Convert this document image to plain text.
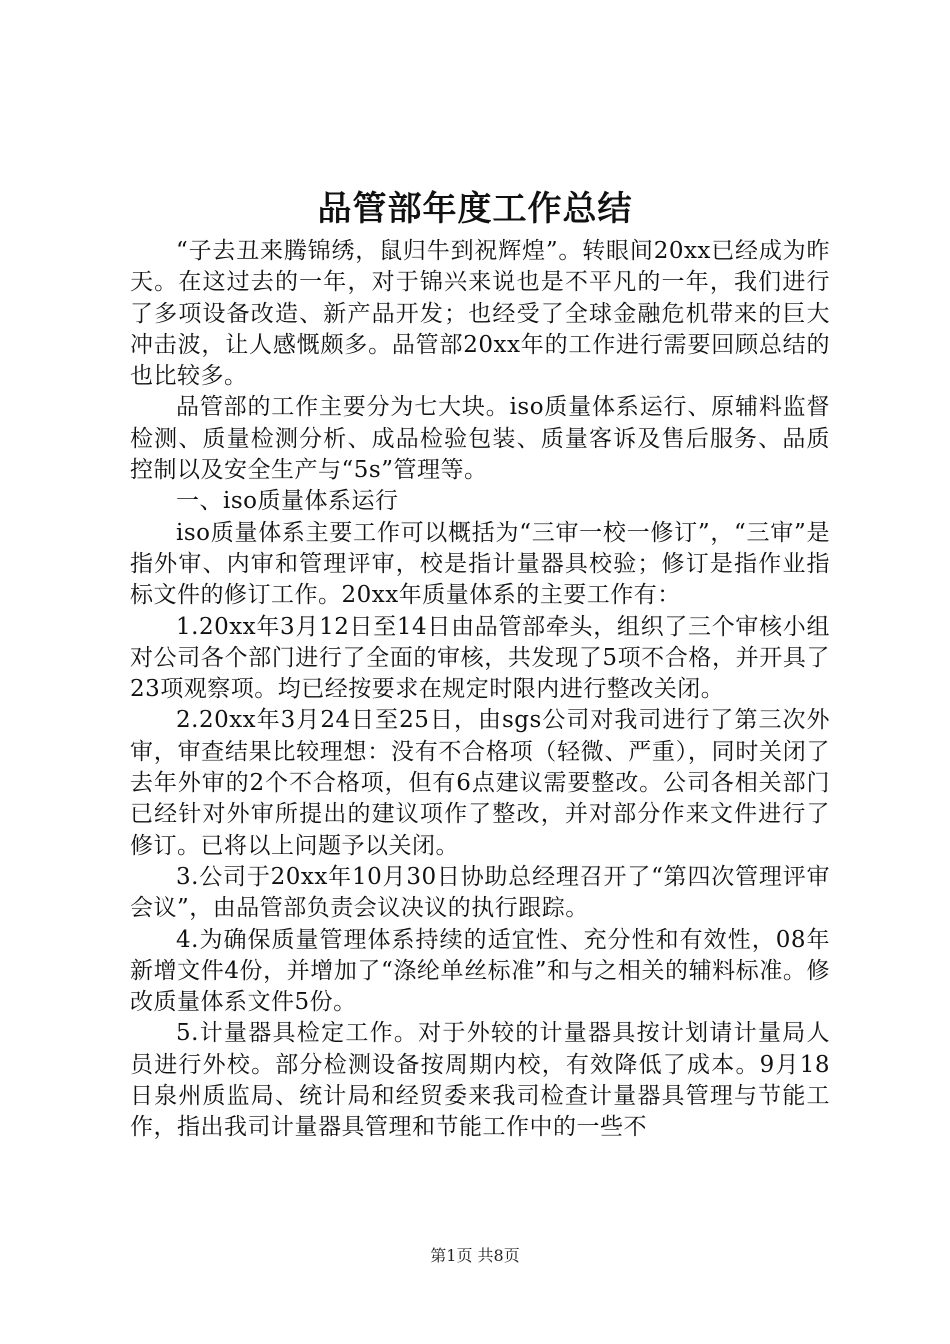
品管部年度工作总结

“子去丑来腾锦绣，鼠归牛到祝辉煌”。转眼间20xx已经成为昨天。在这过去的一年，对于锦兴来说也是不平凡的一年，我们进行了多项设备改造、新产品开发；也经受了全球金融危机带来的巨大冲击波，让人感慨颇多。品管部20xx年的工作进行需要回顾总结的也比较多。

品管部的工作主要分为七大块。iso质量体系运行、原辅料监督检测、质量检测分析、成品检验包装、质量客诉及售后服务、品质控制以及安全生产与“5s”管理等。

一、iso质量体系运行

iso质量体系主要工作可以概括为“三审一校一修订”，“三审”是指外审、内审和管理评审，校是指计量器具校验；修订是指作业指标文件的修订工作。20xx年质量体系的主要工作有：

1.20xx年3月12日至14日由品管部牵头，组织了三个审核小组对公司各个部门进行了全面的审核，共发现了5项不合格，并开具了23项观察项。均已经按要求在规定时限内进行整改关闭。

2.20xx年3月24日至25日，由sgs公司对我司进行了第三次外审，审查结果比较理想：没有不合格项（轻微、严重），同时关闭了去年外审的2个不合格项，但有6点建议需要整改。公司各相关部门已经针对外审所提出的建议项作了整改，并对部分作来文件进行了修订。已将以上问题予以关闭。

3.公司于20xx年10月30日协助总经理召开了“第四次管理评审会议”，由品管部负责会议决议的执行跟踪。

4.为确保质量管理体系持续的适宜性、充分性和有效性，08年新增文件4份，并增加了“涤纶单丝标准”和与之相关的辅料标准。修改质量体系文件5份。

5.计量器具检定工作。对于外较的计量器具按计划请计量局人员进行外校。部分检测设备按周期内校，有效降低了成本。9月18日泉州质监局、统计局和经贸委来我司检查计量器具管理与节能工作，指出我司计量器具管理和节能工作中的一些不

第1页 共8页
